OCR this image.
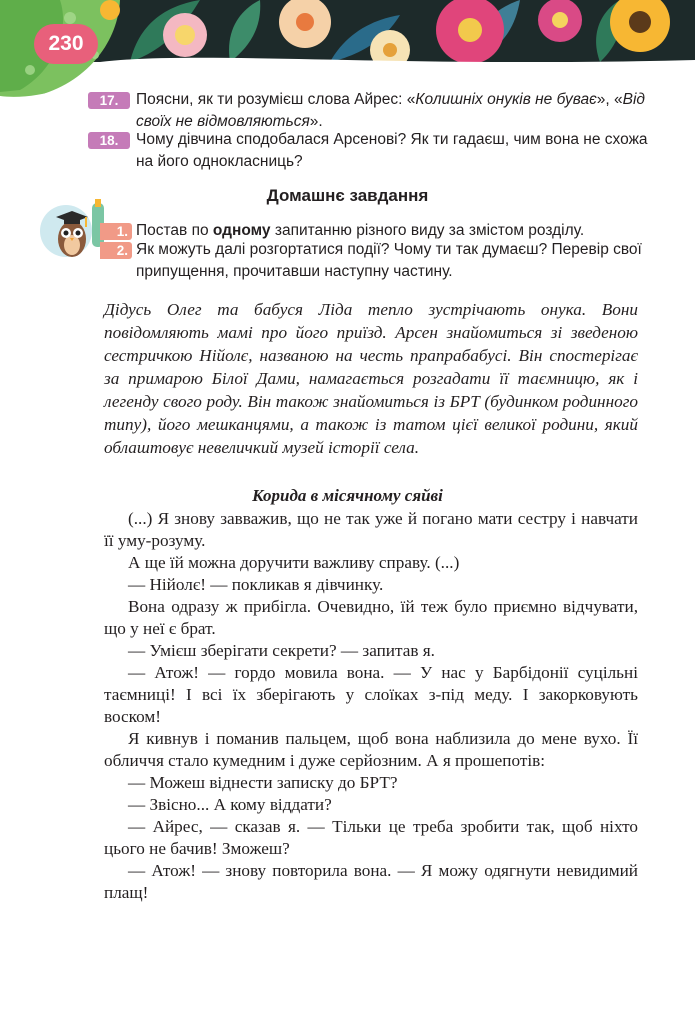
230
17.	Поясни, як ти розумієш слова Айрес: «Колишніх онуків не буває», «Від своїх не відмовляються».
18.	Чому дівчина сподобалася Арсенові? Як ти гадаєш, чим вона не схожа на його однокласниць?
Домашнє завдання
1. Постав по одному запитанню різного виду за змістом розділу.
2. Як можуть далі розгортатися події? Чому ти так думаєш? Перевір свої припущення, прочитавши наступну частину.

Дідусь Олег та бабуся Ліда тепло зустрічають онука. Вони повідомляють мамі про його приїзд. Арсен знайомиться зі зведеною сестричкою Нійолє, названою на честь прапрабабусі. Він спостерігає за примарою Білої Дами, намагається розгадати її таємницю, як і легенду свого роду. Він також знайомиться із БРТ (будинком родинного типу), його мешканцями, а також із татом цієї великої родини, який облаштовує невеличкий музей історії села.

Корида в місячному сяйві

(...) Я знову завважив, що не так уже й погано мати сестру і навчати її уму-розуму.

А ще їй можна доручити важливу справу. (...)

— Нійолє! — покликав я дівчинку.

Вона одразу ж прибігла. Очевидно, їй теж було приємно відчувати, що у неї є брат.

— Умієш зберігати секрети? — запитав я.

— Атож! — гордо мовила вона. — У нас у Барбідонії суцільні таємниці! І всі їх зберігають у слоїках з-під меду. І закорковують воском!

Я кивнув і поманив пальцем, щоб вона наблизила до мене вухо. Її обличчя стало кумедним і дуже серйозним. А я прошепотів:

— Можеш віднести записку до БРТ?

— Звісно... А кому віддати?

— Айрес, — сказав я. — Тільки це треба зробити так, щоб ніхто цього не бачив! Зможеш?

— Атож! — знову повторила вона. — Я можу одягнути невидимий плащ!
